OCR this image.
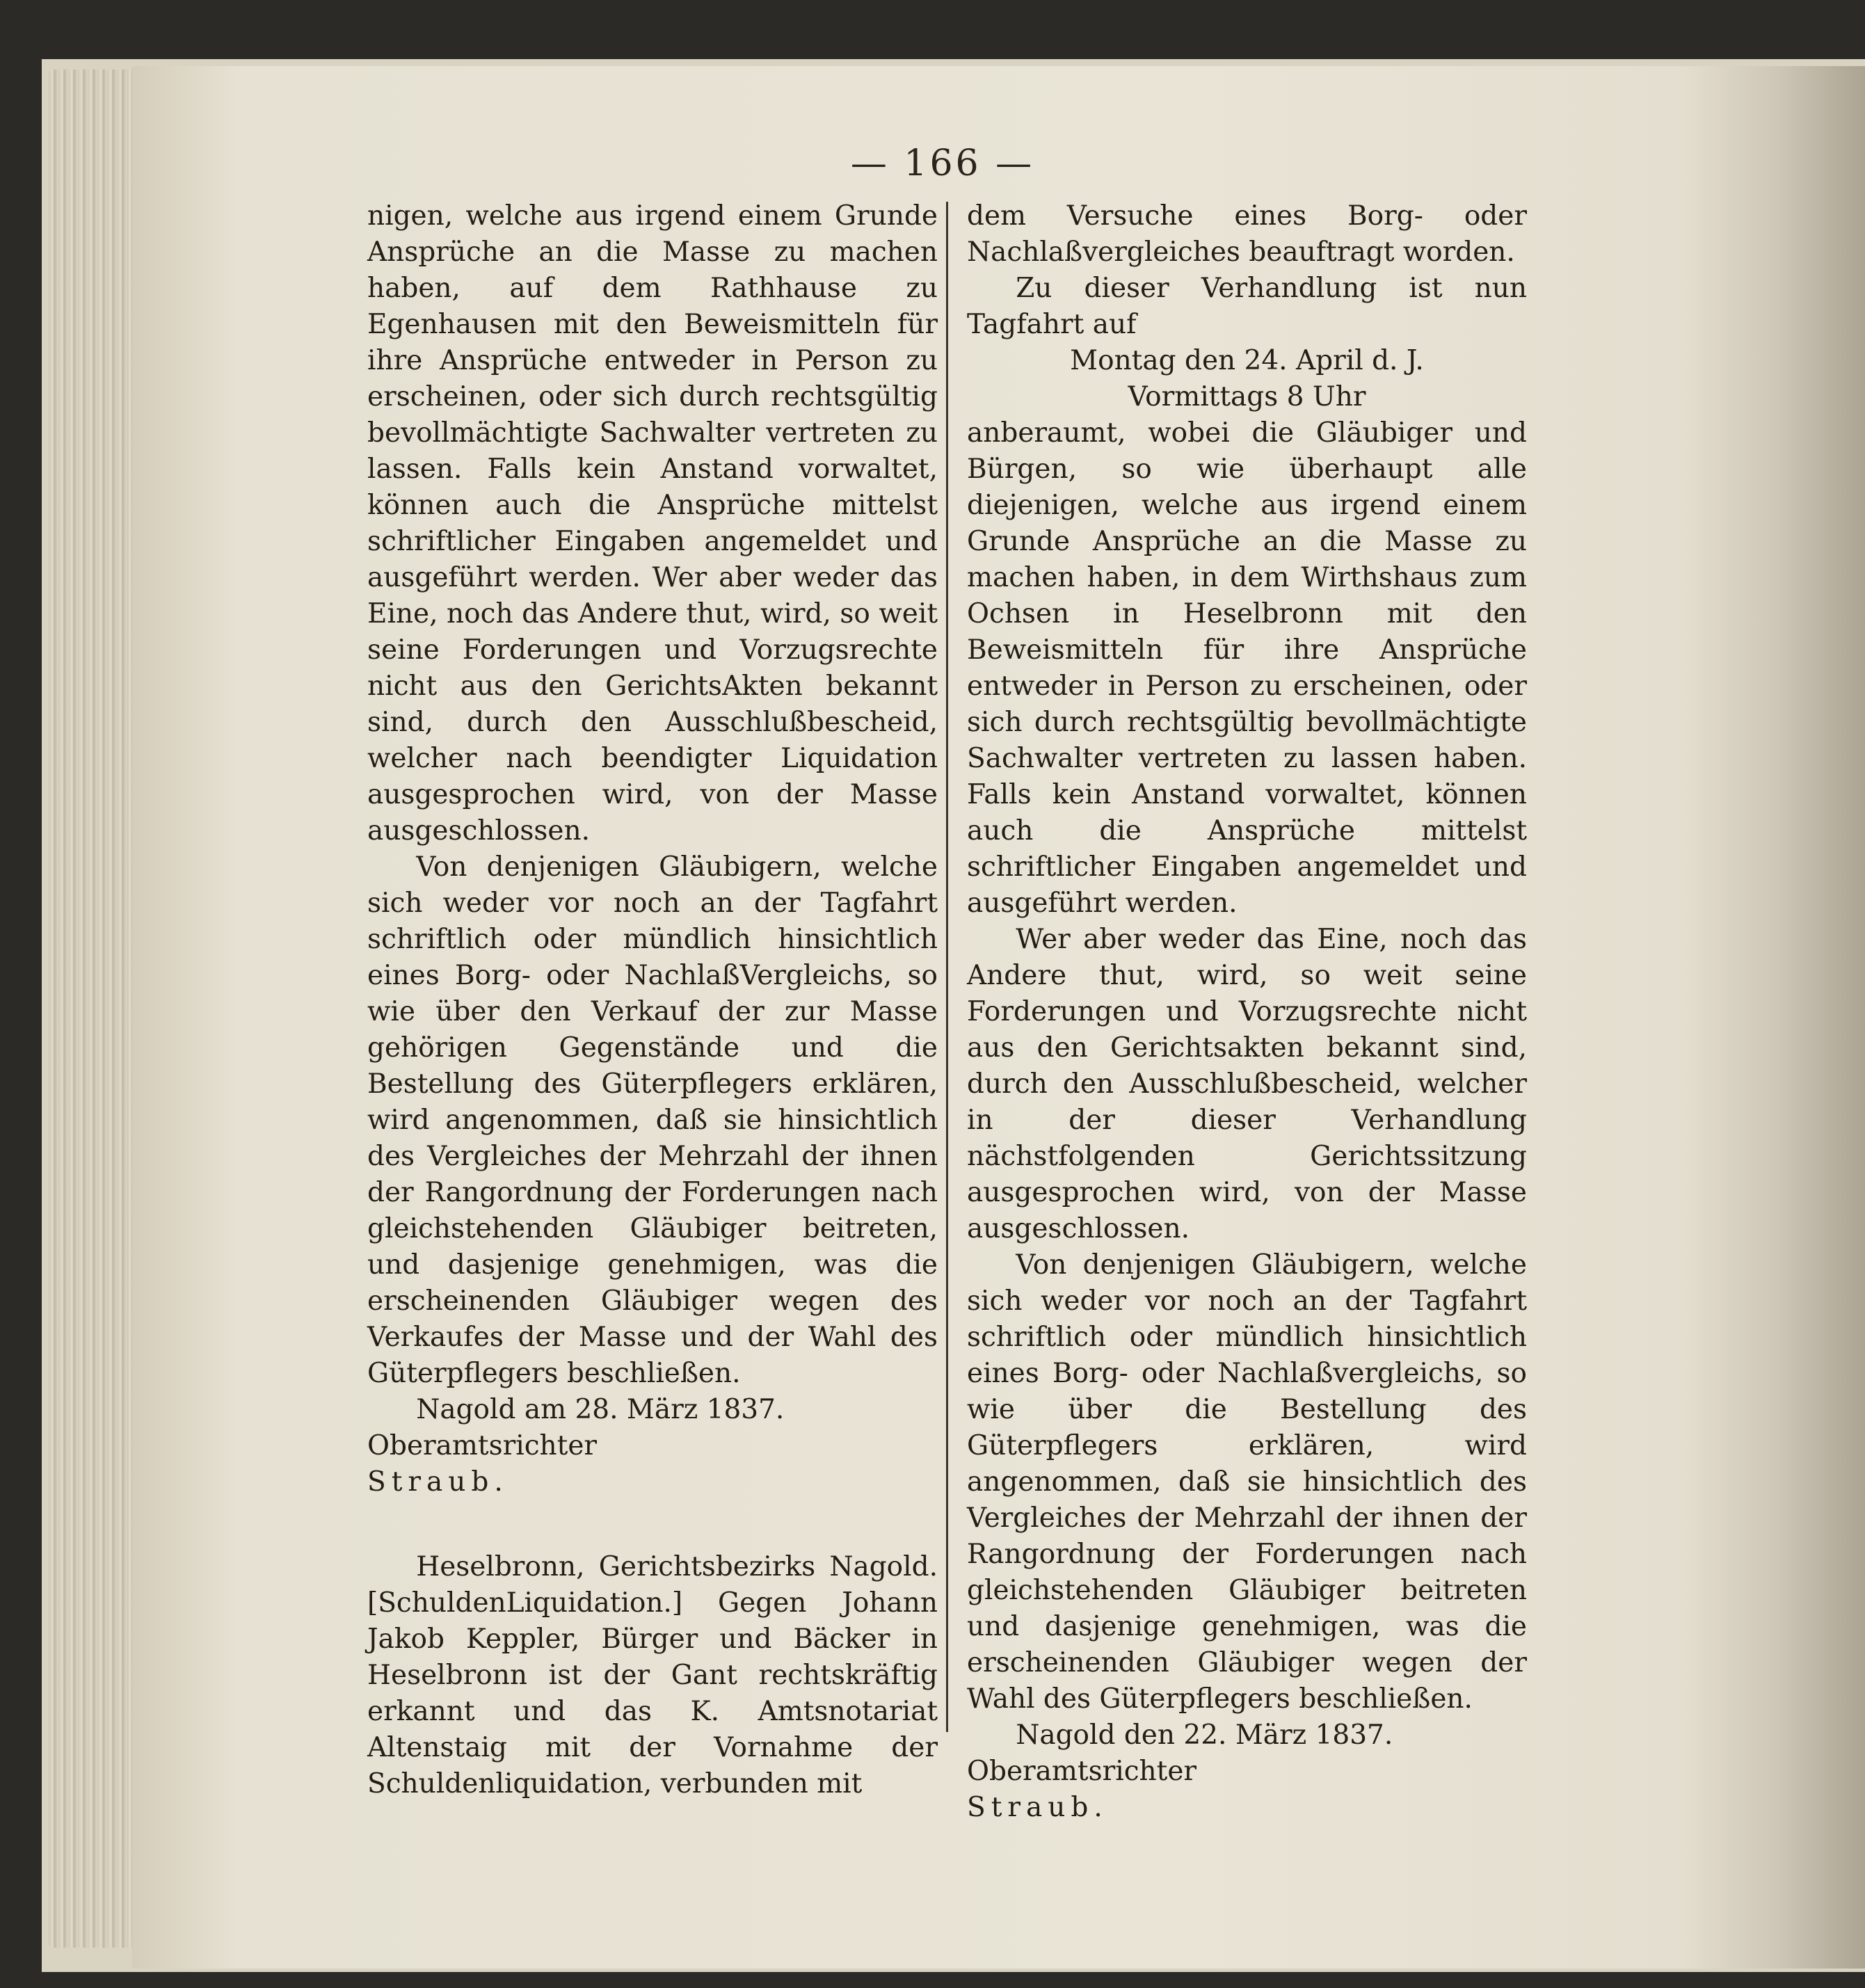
— 166 —

nigen, welche aus irgend einem Grunde Ansprüche an die Masse zu machen haben, auf dem Rathhause zu Egenhausen mit den Beweismitteln für ihre Ansprüche entweder in Person zu erscheinen, oder sich durch rechtsgültig bevollmächtigte Sachwalter vertreten zu lassen. Falls kein Anstand vorwaltet, können auch die Ansprüche mittelst schriftlicher Eingaben angemeldet und ausgeführt werden. Wer aber weder das Eine, noch das Andere thut, wird, so weit seine Forderungen und Vorzugsrechte nicht aus den GerichtsAkten bekannt sind, durch den Ausschlußbescheid, welcher nach beendigter Liquidation ausgesprochen wird, von der Masse ausgeschlossen.

Von denjenigen Gläubigern, welche sich weder vor noch an der Tagfahrt schriftlich oder mündlich hinsichtlich eines Borg- oder NachlaßVergleichs, so wie über den Verkauf der zur Masse gehörigen Gegenstände und die Bestellung des Güterpflegers erklären, wird angenommen, daß sie hinsichtlich des Vergleiches der Mehrzahl der ihnen der Rangordnung der Forderungen nach gleichstehenden Gläubiger beitreten, und dasjenige genehmigen, was die erscheinenden Gläubiger wegen des Verkaufes der Masse und der Wahl des Güterpflegers beschließen.

Nagold am 28. März 1837.

Oberamtsrichter

Straub.

Heselbronn, Gerichtsbezirks Nagold. [SchuldenLiquidation.] Gegen Johann Jakob Keppler, Bürger und Bäcker in Heselbronn ist der Gant rechtskräftig erkannt und das K. Amtsnotariat Altenstaig mit der Vornahme der Schuldenliquidation, verbunden mit

dem Versuche eines Borg- oder Nachlaßvergleiches beauftragt worden.

Zu dieser Verhandlung ist nun Tagfahrt auf

Montag den 24. April d. J.

Vormittags 8 Uhr

anberaumt, wobei die Gläubiger und Bürgen, so wie überhaupt alle diejenigen, welche aus irgend einem Grunde Ansprüche an die Masse zu machen haben, in dem Wirthshaus zum Ochsen in Heselbronn mit den Beweismitteln für ihre Ansprüche entweder in Person zu erscheinen, oder sich durch rechtsgültig bevollmächtigte Sachwalter vertreten zu lassen haben. Falls kein Anstand vorwaltet, können auch die Ansprüche mittelst schriftlicher Eingaben angemeldet und ausgeführt werden.

Wer aber weder das Eine, noch das Andere thut, wird, so weit seine Forderungen und Vorzugsrechte nicht aus den Gerichtsakten bekannt sind, durch den Ausschlußbescheid, welcher in der dieser Verhandlung nächstfolgenden Gerichtssitzung ausgesprochen wird, von der Masse ausgeschlossen.

Von denjenigen Gläubigern, welche sich weder vor noch an der Tagfahrt schriftlich oder mündlich hinsichtlich eines Borg- oder Nachlaßvergleichs, so wie über die Bestellung des Güterpflegers erklären, wird angenommen, daß sie hinsichtlich des Vergleiches der Mehrzahl der ihnen der Rangordnung der Forderungen nach gleichstehenden Gläubiger beitreten und dasjenige genehmigen, was die erscheinenden Gläubiger wegen der Wahl des Güterpflegers beschließen.

Nagold den 22. März 1837.

Oberamtsrichter

Straub.
